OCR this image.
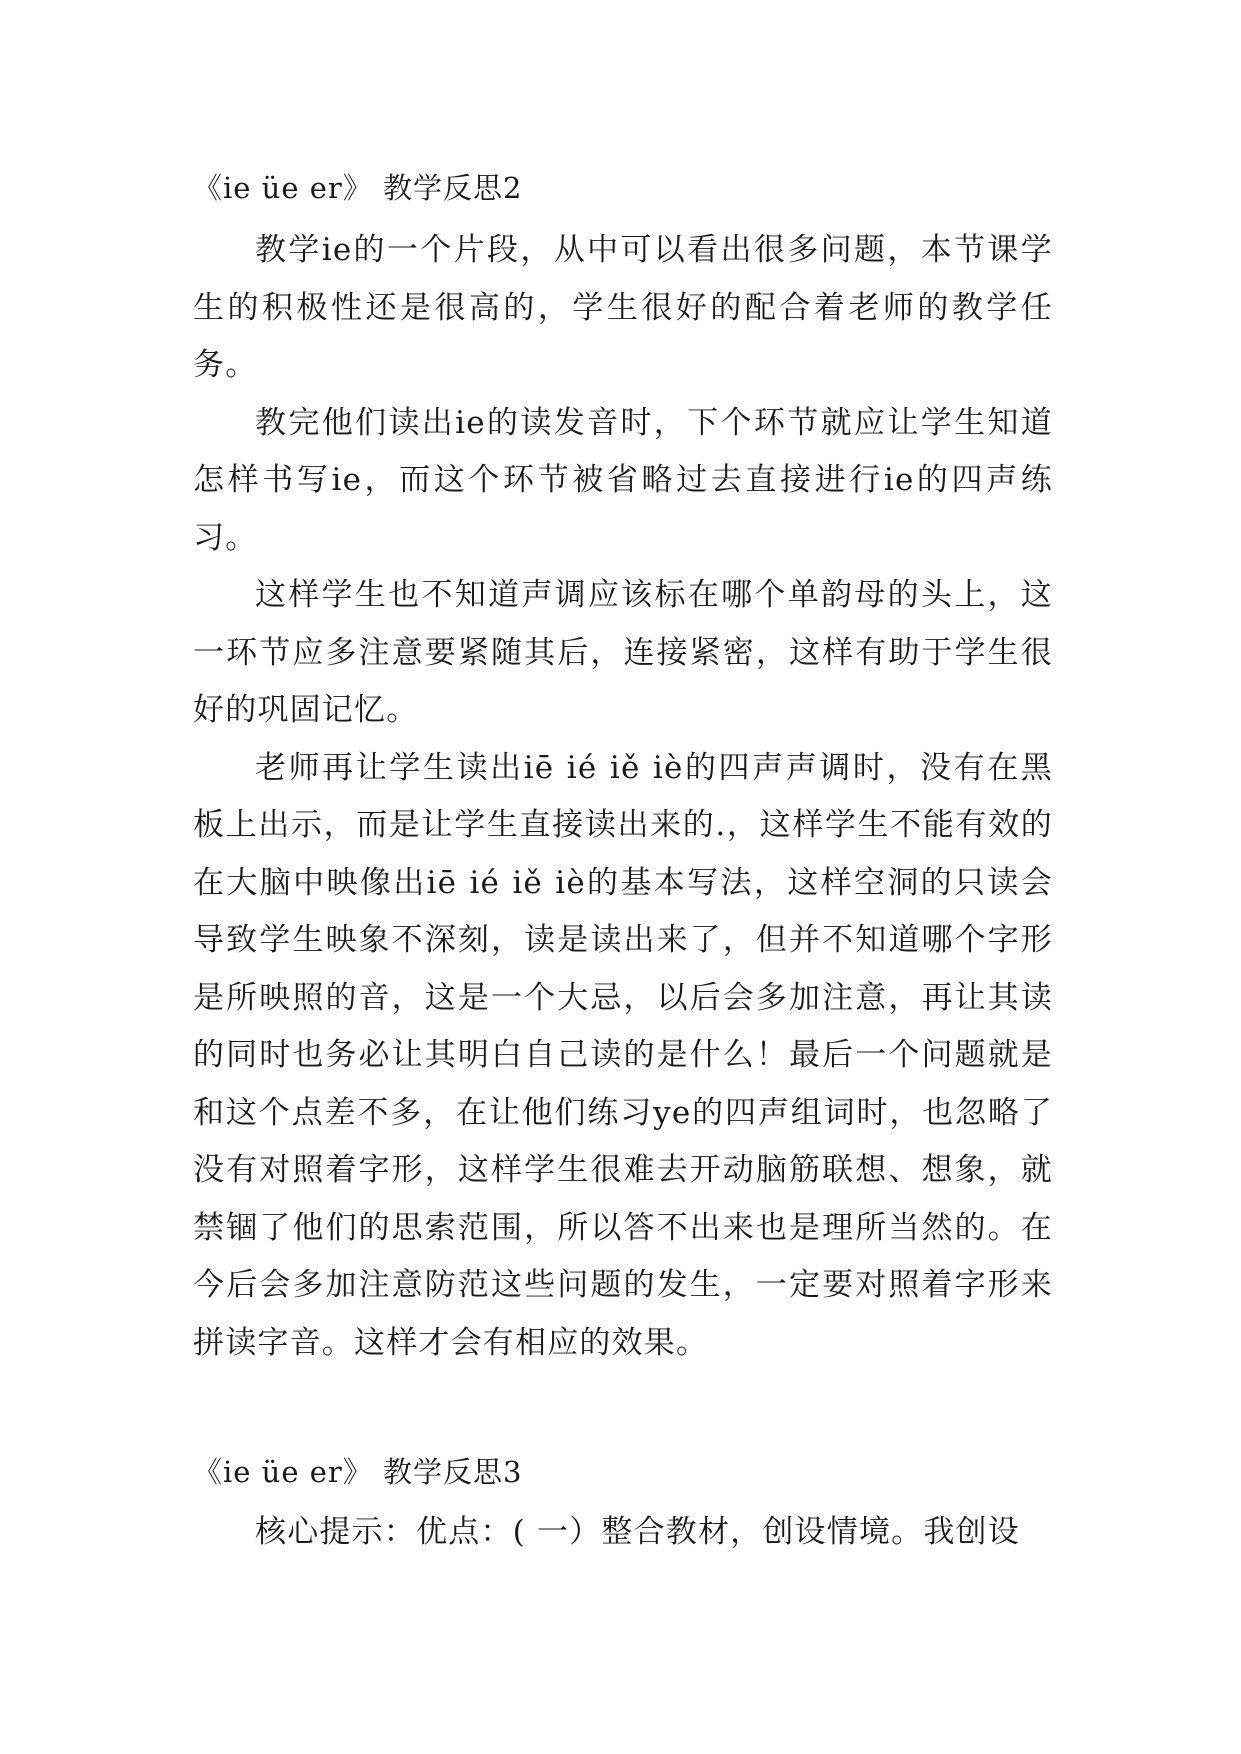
《ie üe er》 教学反思2

教学ie的一个片段，从中可以看出很多问题，本节课学生的积极性还是很高的，学生很好的配合着老师的教学任务。

教完他们读出ie的读发音时，下个环节就应让学生知道怎样书写ie，而这个环节被省略过去直接进行ie的四声练习。

这样学生也不知道声调应该标在哪个单韵母的头上，这一环节应多注意要紧随其后，连接紧密，这样有助于学生很好的巩固记忆。

老师再让学生读出iē ié iě iè的四声声调时，没有在黑板上出示，而是让学生直接读出来的.，这样学生不能有效的在大脑中映像出iē ié iě iè的基本写法，这样空洞的只读会导致学生映象不深刻，读是读出来了，但并不知道哪个字形是所映照的音，这是一个大忌，以后会多加注意，再让其读的同时也务必让其明白自己读的是什么！最后一个问题就是和这个点差不多，在让他们练习ye的四声组词时，也忽略了没有对照着字形，这样学生很难去开动脑筋联想、想象，就禁锢了他们的思索范围，所以答不出来也是理所当然的。在今后会多加注意防范这些问题的发生，一定要对照着字形来拼读字音。这样才会有相应的效果。

《ie üe er》 教学反思3

核心提示：优点：( 一）整合教材，创设情境。我创设
